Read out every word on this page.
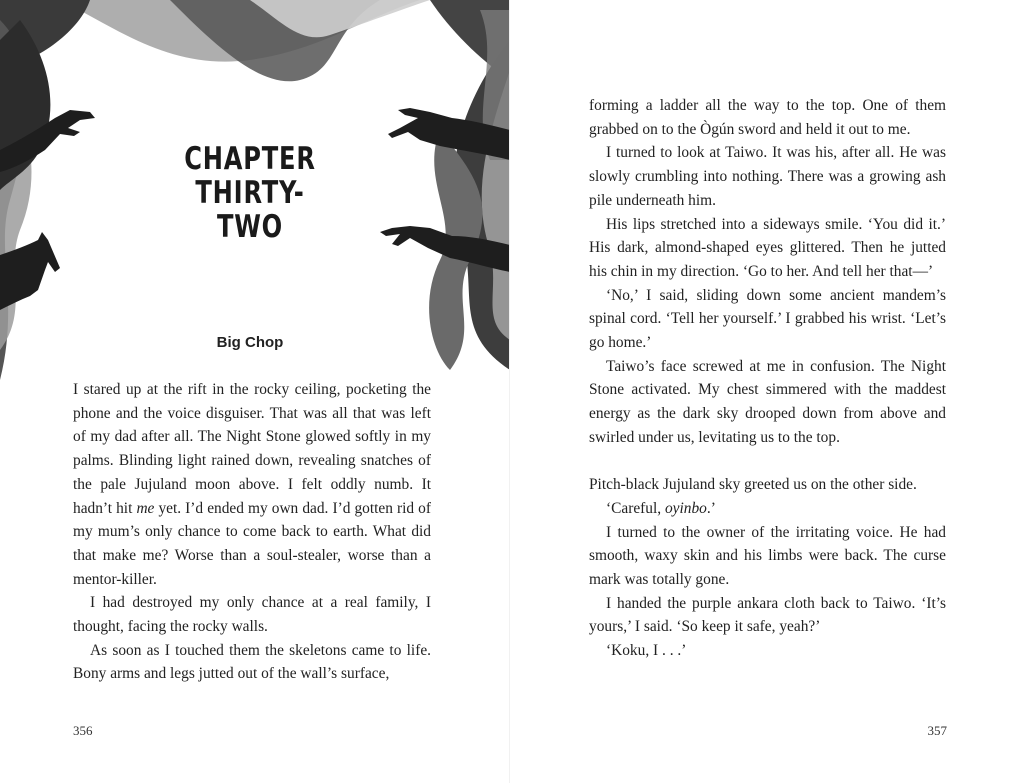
CHAPTER
THIRTY-TWO
Big Chop

I stared up at the rift in the rocky ceiling, pocketing the phone and the voice disguiser. That was all that was left of my dad after all. The Night Stone glowed softly in my palms. Blinding light rained down, revealing snatches of the pale Jujuland moon above. I felt oddly numb. It hadn’t hit me yet. I’d ended my own dad. I’d gotten rid of my mum’s only chance to come back to earth. What did that make me? Worse than a soul-stealer, worse than a mentor-killer.

I had destroyed my only chance at a real family, I thought, facing the rocky walls.

As soon as I touched them the skeletons came to life. Bony arms and legs jutted out of the wall’s surface,

356

forming a ladder all the way to the top. One of them grabbed on to the Ògún sword and held it out to me.

I turned to look at Taiwo. It was his, after all. He was slowly crumbling into nothing. There was a growing ash pile underneath him.

His lips stretched into a sideways smile. ‘You did it.’ His dark, almond-shaped eyes glittered. Then he jutted his chin in my direction. ‘Go to her. And tell her that—’

‘No,’ I said, sliding down some ancient mandem’s spinal cord. ‘Tell her yourself.’ I grabbed his wrist. ‘Let’s go home.’

Taiwo’s face screwed at me in confusion. The Night Stone activated. My chest simmered with the maddest energy as the dark sky drooped down from above and swirled under us, levitating us to the top.

Pitch-black Jujuland sky greeted us on the other side.

‘Careful, oyinbo.’

I turned to the owner of the irritating voice. He had smooth, waxy skin and his limbs were back. The curse mark was totally gone.

I handed the purple ankara cloth back to Taiwo. ‘It’s yours,’ I said. ‘So keep it safe, yeah?’

‘Koku, I . . .’

357
